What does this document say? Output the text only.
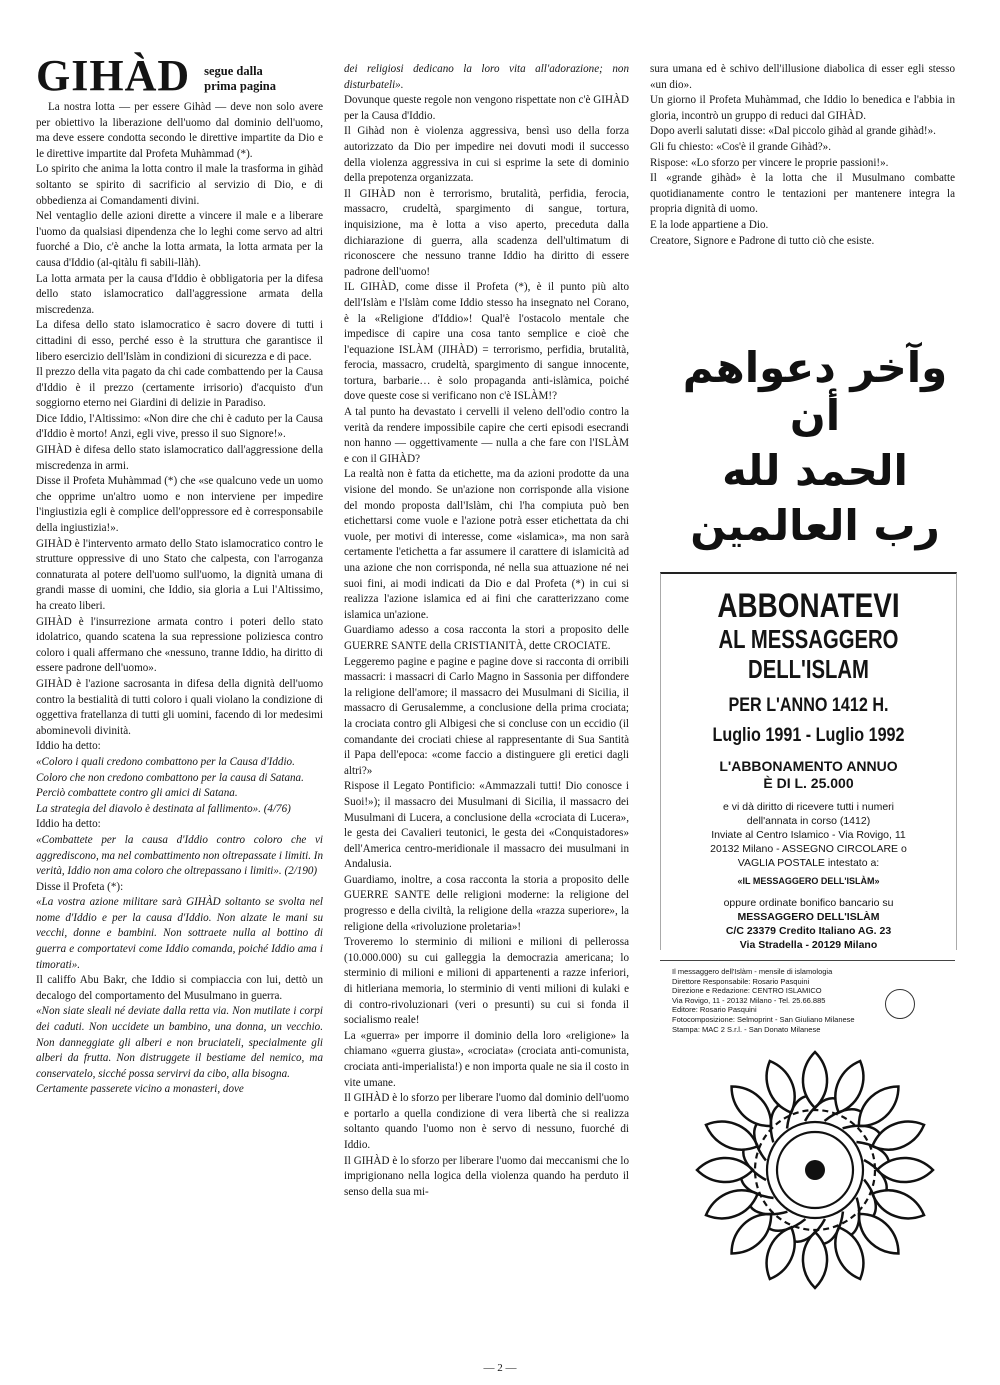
GIHÀD segue dalla
prima pagina

La nostra lotta — per essere Gihàd — deve non solo avere per obiettivo la liberazione dell'uomo dal dominio dell'uomo, ma deve essere condotta secondo le direttive impartite da Dio e le direttive impartite dal Profeta Muhàmmad (*).

Lo spirito che anima la lotta contro il male la trasforma in gihàd soltanto se spirito di sacrificio al servizio di Dio, e di obbedienza ai Comandamenti divini.

Nel ventaglio delle azioni dirette a vincere il male e a liberare l'uomo da qualsiasi dipendenza che lo leghi come servo ad altri fuorché a Dio, c'è anche la lotta armata, la lotta armata per la causa d'Iddio (al-qitàlu fi sabili-llàh).

La lotta armata per la causa d'Iddio è obbligatoria per la difesa dello stato islamocratico dall'aggressione armata della miscredenza.

La difesa dello stato islamocratico è sacro dovere di tutti i cittadini di esso, perché esso è la struttura che garantisce il libero esercizio dell'Islàm in condizioni di sicurezza e di pace.

Il prezzo della vita pagato da chi cade combattendo per la Causa d'Iddio è il prezzo (certamente irrisorio) d'acquisto d'un soggiorno eterno nei Giardini di delizie in Paradiso.

Dice Iddio, l'Altissimo: «Non dire che chi è caduto per la Causa d'Iddio è morto! Anzi, egli vive, presso il suo Signore!».

GIHÀD è difesa dello stato islamocratico dall'aggressione della miscredenza in armi.

Disse il Profeta Muhàmmad (*) che «se qualcuno vede un uomo che opprime un'altro uomo e non interviene per impedire l'ingiustizia egli è complice dell'oppressore ed è corresponsabile della ingiustizia!».

GIHÀD è l'intervento armato dello Stato islamocratico contro le strutture oppressive di uno Stato che calpesta, con l'arroganza connaturata al potere dell'uomo sull'uomo, la dignità umana di grandi masse di uomini, che Iddio, sia gloria a Lui l'Altissimo, ha creato liberi.

GIHÀD è l'insurrezione armata contro i poteri dello stato idolatrico, quando scatena la sua repressione poliziesca contro coloro i quali affermano che «nessuno, tranne Iddio, ha diritto di essere padrone dell'uomo».

GIHÀD è l'azione sacrosanta in difesa della dignità dell'uomo contro la bestialità di tutti coloro i quali violano la condizione di oggettiva fratellanza di tutti gli uomini, facendo di lor medesimi abominevoli divinità.

Iddio ha detto:

«Coloro i quali credono combattono per la Causa d'Iddio.

Coloro che non credono combattono per la causa di Satana.

Perciò combattete contro gli amici di Satana.

La strategia del diavolo è destinata al fallimento». (4/76)

Iddio ha detto:

«Combattete per la causa d'Iddio contro coloro che vi aggrediscono, ma nel combattimento non oltrepassate i limiti. In verità, Iddio non ama coloro che oltrepassano i limiti». (2/190)

Disse il Profeta (*):

«La vostra azione militare sarà GIHÀD soltanto se svolta nel nome d'Iddio e per la causa d'Iddio. Non alzate le mani su vecchi, donne e bambini. Non sottraete nulla al bottino di guerra e comportatevi come Iddio comanda, poiché Iddio ama i timorati».

Il califfo Abu Bakr, che Iddio si compiaccia con lui, dettò un decalogo del comportamento del Musulmano in guerra.

«Non siate sleali né deviate dalla retta via. Non mutilate i corpi dei caduti. Non uccidete un bambino, una donna, un vecchio. Non danneggiate gli alberi e non bruciateli, specialmente gli alberi da frutta. Non distruggete il bestiame del nemico, ma conservatelo, sicché possa servirvi da cibo, alla bisogna.

Certamente passerete vicino a monasteri, dove

dei religiosi dedicano la loro vita all'adorazione; non disturbateli».

Dovunque queste regole non vengono rispettate non c'è GIHÀD per la Causa d'Iddio.

Il Gihàd non è violenza aggressiva, bensì uso della forza autorizzato da Dio per impedire nei dovuti modi il successo della violenza aggressiva in cui si esprime la sete di dominio della prepotenza organizzata.

Il GIHÀD non è terrorismo, brutalità, perfidia, ferocia, massacro, crudeltà, spargimento di sangue, tortura, inquisizione, ma è lotta a viso aperto, preceduta dalla dichiarazione di guerra, alla scadenza dell'ultimatum di riconoscere che nessuno tranne Iddio ha diritto di essere padrone dell'uomo!

IL GIHÀD, come disse il Profeta (*), è il punto più alto dell'Islàm e l'Islàm come Iddio stesso ha insegnato nel Corano, è la «Religione d'Iddio»! Qual'è l'ostacolo mentale che impedisce di capire una cosa tanto semplice e cioè che l'equazione ISLÀM (JIHÀD) = terrorismo, perfidia, brutalità, ferocia, massacro, crudeltà, spargimento di sangue innocente, tortura, barbarie… è solo propaganda anti-islàmica, poiché dove queste cose si verificano non c'è ISLÀM!?

A tal punto ha devastato i cervelli il veleno dell'odio contro la verità da rendere impossibile capire che certi episodi esecrandi non hanno — oggettivamente — nulla a che fare con l'ISLÀM e con il GIHÀD?

La realtà non è fatta da etichette, ma da azioni prodotte da una visione del mondo. Se un'azione non corrisponde alla visione del mondo proposta dall'Islàm, chi l'ha compiuta può ben etichettarsi come vuole e l'azione potrà esser etichettata da chi vuole, per motivi di interesse, come «islamica», ma non sarà certamente l'etichetta a far assumere il carattere di islamicità ad una azione che non corrisponda, né nella sua attuazione né nei suoi fini, ai modi indicati da Dio e dal Profeta (*) in cui si realizza l'azione islamica ed ai fini che caratterizzano come islamica un'azione.

Guardiamo adesso a cosa racconta la stori a proposito delle GUERRE SANTE della CRISTIANITÀ, dette CROCIATE.

Leggeremo pagine e pagine e pagine dove si racconta di orribili massacri: i massacri di Carlo Magno in Sassonia per diffondere la religione dell'amore; il massacro dei Musulmani di Sicilia, il massacro di Gerusalemme, a conclusione della prima crociata; la crociata contro gli Albigesi che si concluse con un eccidio (il comandante dei crociati chiese al rappresentante di Sua Santità il Papa dell'epoca: «come faccio a distinguere gli eretici dagli altri?»

Rispose il Legato Pontificio: «Ammazzali tutti! Dio conosce i Suoi!»); il massacro dei Musulmani di Sicilia, il massacro dei Musulmani di Lucera, a conclusione della «crociata di Lucera», le gesta dei Cavalieri teutonici, le gesta dei «Conquistadores» dell'America centro-meridionale il massacro dei musulmani in Andalusia.

Guardiamo, inoltre, a cosa racconta la storia a proposito delle GUERRE SANTE delle religioni moderne: la religione del progresso e della civiltà, la religione della «razza superiore», la religione della «rivoluzione proletaria»!

Troveremo lo sterminio di milioni e milioni di pellerossa (10.000.000) su cui galleggia la democrazia americana; lo sterminio di milioni e milioni di appartenenti a razze inferiori, di hitleriana memoria, lo sterminio di venti milioni di kulaki e di contro-rivoluzionari (veri o presunti) su cui si fonda il socialismo reale!

La «guerra» per imporre il dominio della loro «religione» la chiamano «guerra giusta», «crociata» (crociata anti-comunista, crociata anti-imperialista!) e non importa quale ne sia il costo in vite umane.

Il GIHÀD è lo sforzo per liberare l'uomo dal dominio dell'uomo e portarlo a quella condizione di vera libertà che si realizza soltanto quando l'uomo non è servo di nessuno, fuorché di Iddio.

Il GIHÀD è lo sforzo per liberare l'uomo dai meccanismi che lo imprigionano nella logica della violenza quando ha perduto il senso della sua mi-

sura umana ed è schivo dell'illusione diabolica di esser egli stesso «un dio».

Un giorno il Profeta Muhàmmad, che Iddio lo benedica e l'abbia in gloria, incontrò un gruppo di reduci dal GIHÀD.

Dopo averli salutati disse: «Dal piccolo gihàd al grande gihàd!».

Gli fu chiesto: «Cos'è il grande Gihàd?».

Rispose: «Lo sforzo per vincere le proprie passioni!».

Il «grande gihàd» è la lotta che il Musulmano combatte quotidianamente contro le tentazioni per mantenere integra la propria dignità di uomo.

E la lode appartiene a Dio.

Creatore, Signore e Padrone di tutto ciò che esiste.

وآخر دعواهم
أن
الحمد لله
رب العالمين
ABBONATEVI
AL MESSAGGERO
DELL'ISLAM
PER L'ANNO 1412 H.
Luglio 1991 - Luglio 1992
L'ABBONAMENTO ANNUO
È DI L. 25.000
e vi dà diritto di ricevere tutti i numeri
dell'annata in corso (1412)
Inviate al Centro Islamico - Via Rovigo, 11
20132 Milano - ASSEGNO CIRCOLARE o
VAGLIA POSTALE intestato a:
«IL MESSAGGERO DELL'ISLÀM»
oppure ordinate bonifico bancario su
MESSAGGERO DELL'ISLÀM
C/C 23379 Credito Italiano AG. 23
Via Stradella - 20129 Milano
Il messaggero dell'Islàm - mensile di islamologia
Direttore Responsabile: Rosario Pasquini
Direzione e Redazione: CENTRO ISLAMICO
Via Rovigo, 11 - 20132 Milano - Tel. 25.66.885
Editore: Rosario Pasquini
Fotocomposizione: Selmoprint - San Giuliano Milanese
Stampa: MAC 2 S.r.l. - San Donato Milanese
— 2 —
